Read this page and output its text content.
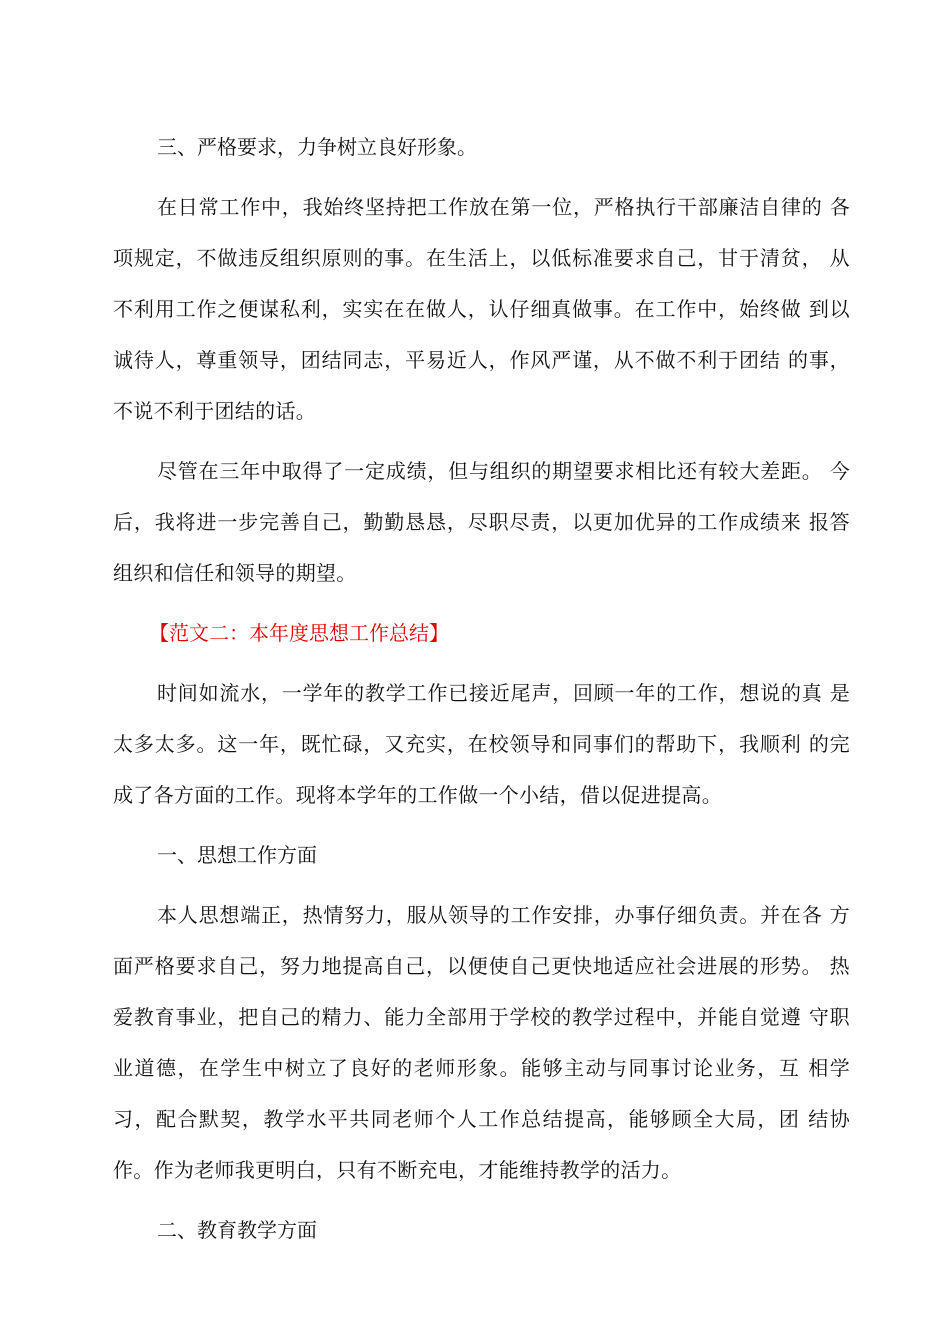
三、严格要求，力争树立良好形象。

在日常工作中，我始终坚持把工作放在第一位，严格执行干部廉洁自律的 各项规定，不做违反组织原则的事。在生活上，以低标准要求自己，甘于清贫， 从不利用工作之便谋私利，实实在在做人，认仔细真做事。在工作中，始终做 到以诚待人，尊重领导，团结同志，平易近人，作风严谨，从不做不利于团结 的事，不说不利于团结的话。

尽管在三年中取得了一定成绩，但与组织的期望要求相比还有较大差距。 今后，我将进一步完善自己，勤勤恳恳，尽职尽责，以更加优异的工作成绩来 报答组织和信任和领导的期望。

【范文二：本年度思想工作总结】

时间如流水，一学年的教学工作已接近尾声，回顾一年的工作，想说的真 是太多太多。这一年，既忙碌，又充实，在校领导和同事们的帮助下，我顺利 的完成了各方面的工作。现将本学年的工作做一个小结，借以促进提高。

一、思想工作方面

本人思想端正，热情努力，服从领导的工作安排，办事仔细负责。并在各 方面严格要求自己，努力地提高自己，以便使自己更快地适应社会进展的形势。 热爱教育事业，把自己的精力、能力全部用于学校的教学过程中，并能自觉遵 守职业道德，在学生中树立了良好的老师形象。能够主动与同事讨论业务，互 相学习，配合默契，教学水平共同老师个人工作总结提高，能够顾全大局，团 结协作。作为老师我更明白，只有不断充电，才能维持教学的活力。

二、教育教学方面
